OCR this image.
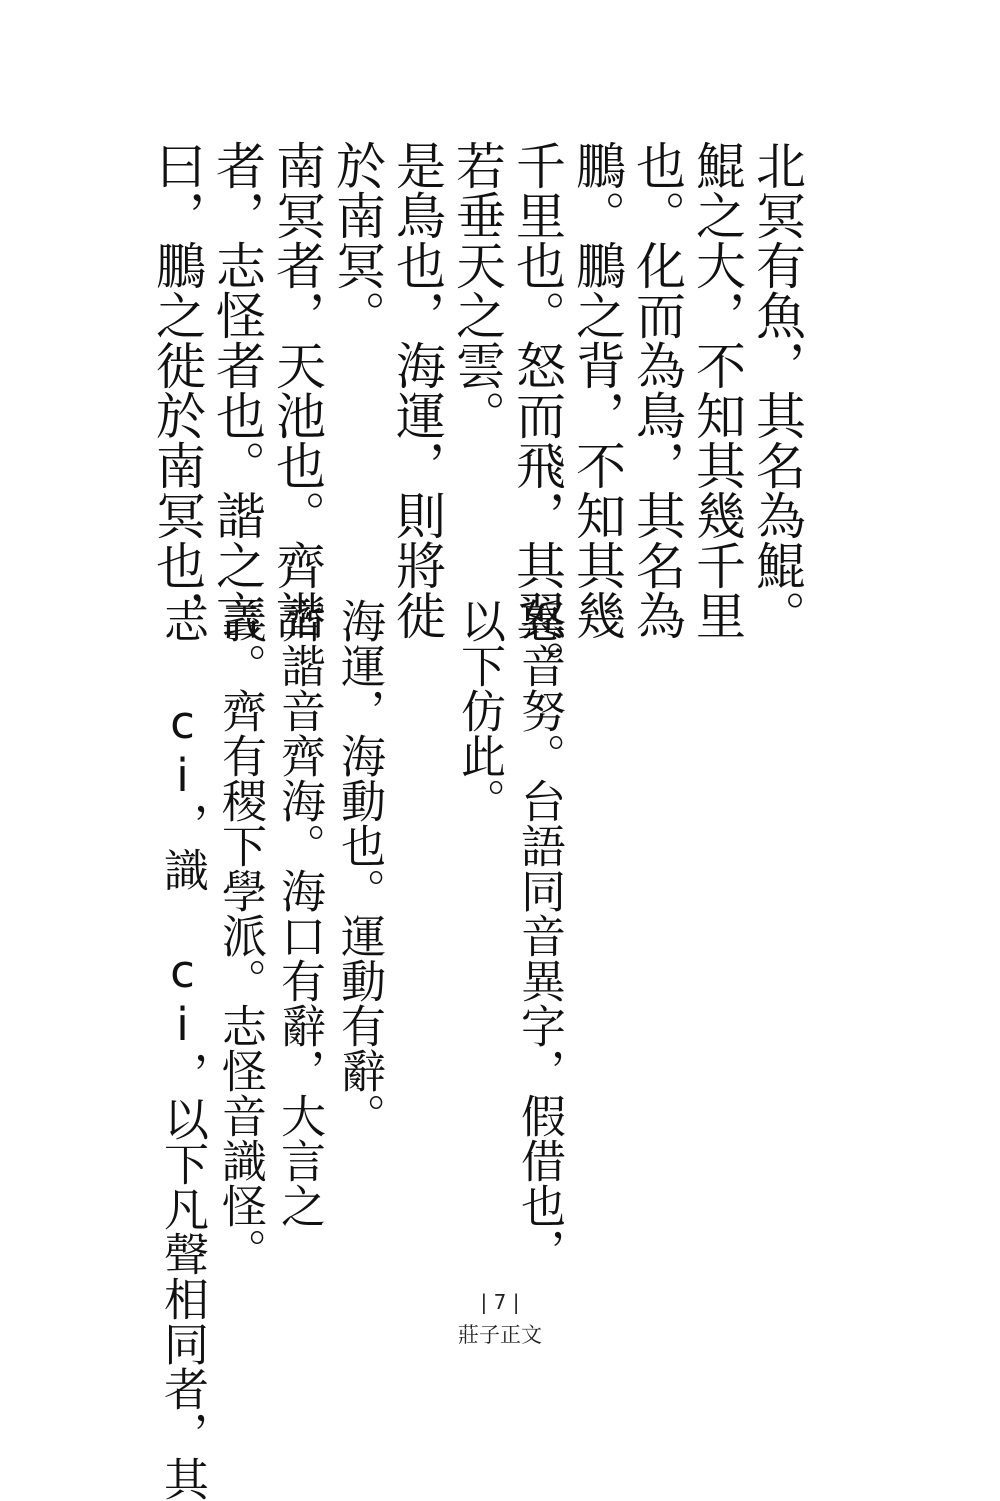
北冥有魚，其名為鯤。
鯤之大，不知其幾千里
也。化而為鳥，其名為
鵬。鵬之背，不知其幾
千里也。怒而飛，其翼。
若垂天之雲。
是鳥也，海運，則將徙
於南冥。
南冥者，天池也。齊諧
者，志怪者也。諧之言
曰，鵬之徙於南冥也，
怒音努。台語同音異字，假借也，
以下仿此。
海運，海動也。運動有辭。
齊諧音齊海。海口有辭，大言之
義。齊有稷下學派。志怪音識怪。
志 ci，識 ci，以下凡聲相同者，其	| 7 |
莊子正文
